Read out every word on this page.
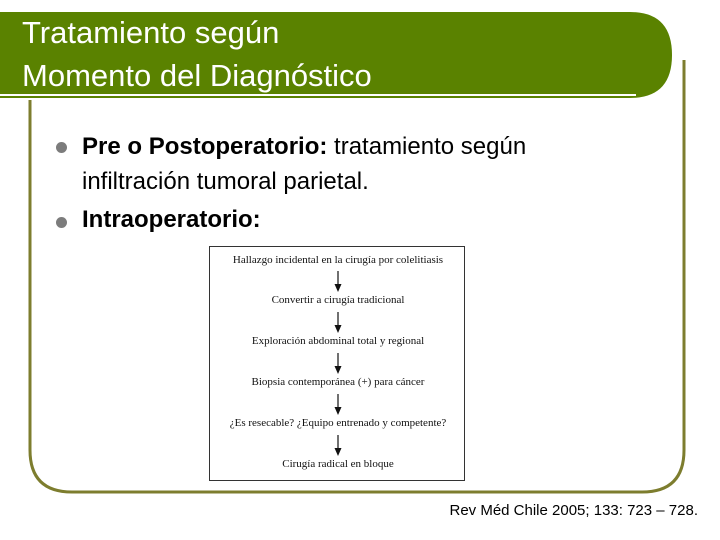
Tratamiento según
Momento del Diagnóstico
Pre o Postoperatorio: tratamiento según
infiltración tumoral parietal.
Intraoperatorio:
Hallazgo incidental en la cirugía por colelitiasis
Convertir a cirugía tradicional
Exploración abdominal total y regional
Biopsia contemporánea (+) para cáncer
¿Es resecable? ¿Equipo entrenado y competente?
Cirugía radical en bloque
Rev Méd Chile 2005; 133: 723 – 728.
